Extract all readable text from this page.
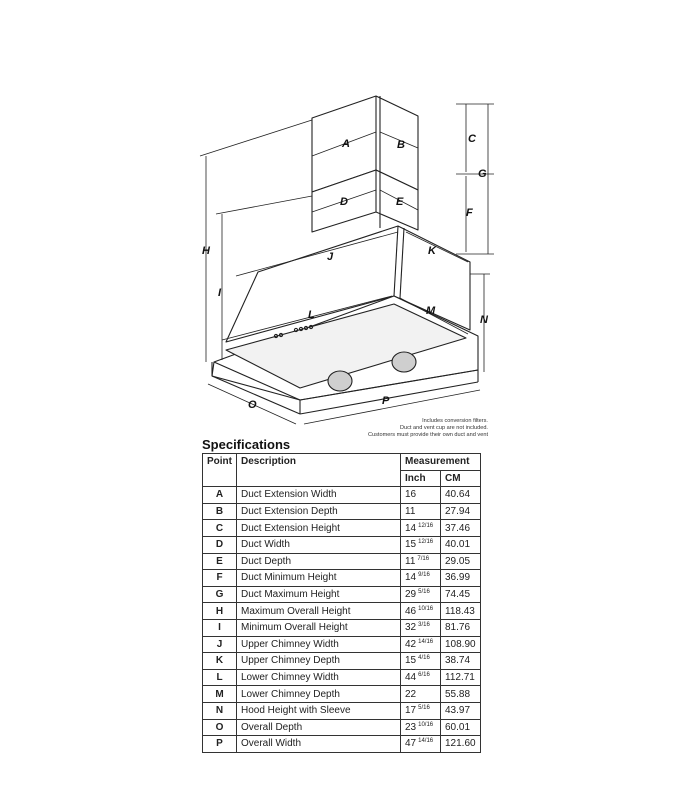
A	B	C
G
F
D	E
H
I
J	K
L	M
N
O	P
Includes conversion filters.
Duct and vent cup are not included.
Customers must provide their own duct and vent
Specifications
Point	Description	Measurement	
		Inch	CM
A	Duct Extension Width	16	40.64
B	Duct Extension Depth	11	27.94
C	Duct Extension Height	14 $^{12/16}$	37.46
D	Duct Width	15 $^{12/16}$	40.01
E	Duct Depth	11 $^{7/16}$	29.05
F	Duct Minimum Height	14 $^{9/16}$	36.99
G	Duct Maximum Height	29 $^{5/16}$	74.45
H	Maximum Overall Height	46 $^{10/16}$	118.43
I	Minimum Overall Height	32 $^{3/16}$	81.76
J	Upper Chimney Width	42 $^{14/16}$	108.90
K	Upper Chimney Depth	15 $^{4/16}$	38.74
L	Lower Chimney Width	44 $^{6/16}$	112.71
M	Lower Chimney Depth	22	55.88
N	Hood Height with Sleeve	17 $^{5/16}$	43.97
O	Overall Depth	23 $^{10/16}$	60.01
P	Overall Width	47 $^{14/16}$	121.60
